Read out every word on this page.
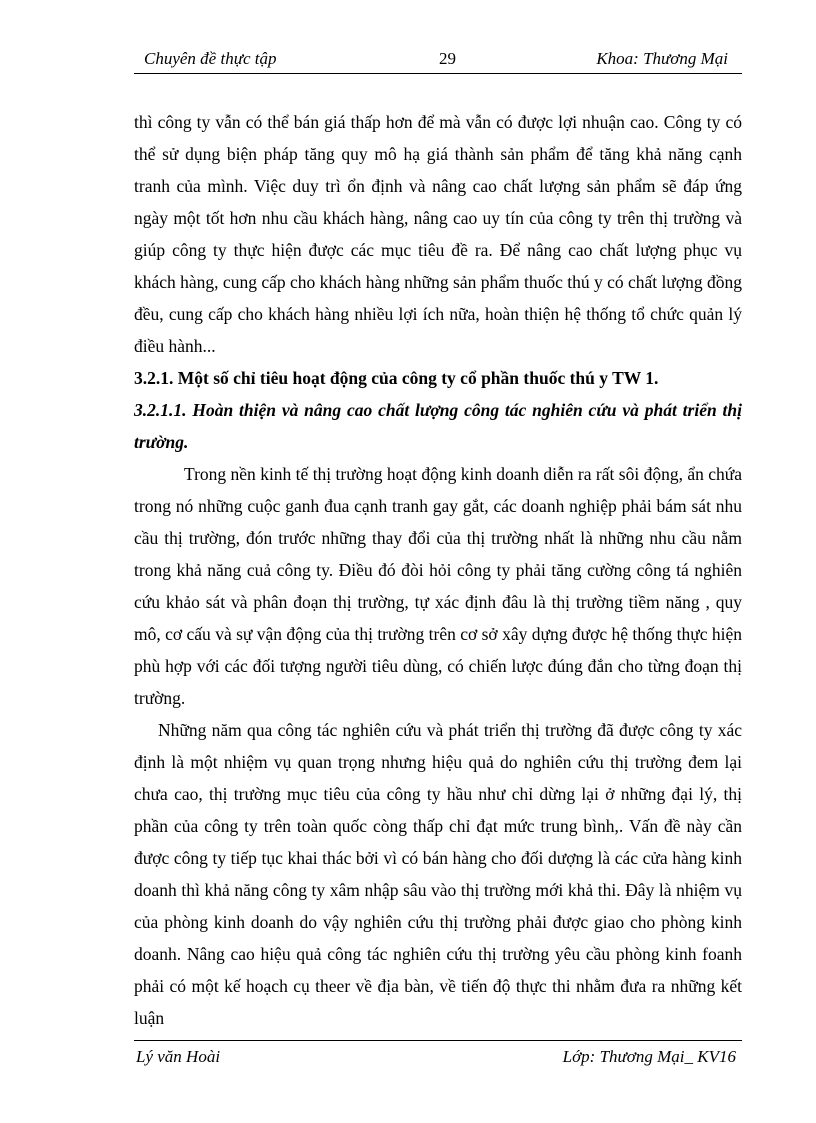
Chuyên đề thực tập	29	Khoa: Thương Mại

thì công ty vẫn có thể bán giá thấp hơn để mà vẫn có được lợi nhuận cao. Công ty có thể sử dụng biện pháp tăng quy mô hạ giá thành sản phẩm để tăng khả năng cạnh tranh của mình. Việc duy trì ổn định và nâng cao chất lượng sản phẩm sẽ đáp ứng ngày một tốt hơn nhu cầu khách hàng, nâng cao uy tín của công ty trên thị trường và giúp công ty thực hiện được các mục tiêu đề ra. Để nâng cao chất lượng phục vụ khách hàng, cung cấp cho khách hàng những sản phẩm thuốc thú y có chất lượng đồng đều, cung cấp cho khách hàng nhiều lợi ích nữa, hoàn thiện hệ thống tổ chức quản lý điều hành...

3.2.1. Một số chỉ tiêu hoạt động của công ty cổ phần thuốc thú y TW 1.

3.2.1.1. Hoàn thiện và nâng cao chất lượng công tác nghiên cứu và phát triển thị trường.

Trong nền kinh tế thị trường hoạt động kinh doanh diễn ra rất sôi động, ẩn chứa trong nó những cuộc ganh đua cạnh tranh gay gắt, các doanh nghiệp phải bám sát nhu cầu thị trường, đón trước những thay đổi của thị trường nhất là những nhu cầu nằm trong khả năng cuả công ty. Điều đó đòi hỏi công ty phải tăng cường công tá nghiên cứu khảo sát và phân đoạn thị trường, tự xác định đâu là thị trường tiềm năng , quy mô, cơ cấu và sự vận động của thị trường trên cơ sở xây dựng được hệ thống thực hiện phù hợp với các đối tượng người tiêu dùng, có chiến lược đúng đắn cho từng đoạn thị trường.

Những năm qua công tác nghiên cứu và phát triển thị trường đã được công ty xác định là một nhiệm vụ quan trọng nhưng hiệu quả do nghiên cứu thị trường đem lại chưa cao, thị trường mục tiêu của công ty hầu như chỉ dừng lại ở những đại lý, thị phần của công ty trên toàn quốc còng thấp chỉ đạt mức trung bình,. Vấn đề này cần được công ty tiếp tục khai thác bởi vì có bán hàng cho đối dượng là các cửa hàng kinh doanh thì khả năng công ty xâm nhập sâu vào thị trường mới khả thi. Đây là nhiệm vụ của phòng kinh doanh do vậy nghiên cứu thị trường phải được giao cho phòng kinh doanh. Nâng cao hiệu quả công tác nghiên cứu thị trường yêu cầu phòng kinh foanh phải có một kế hoạch cụ theer về địa bàn, về tiến độ thực thi nhằm đưa ra những kết luận

Lý văn Hoài	Lớp: Thương Mại_ KV16
